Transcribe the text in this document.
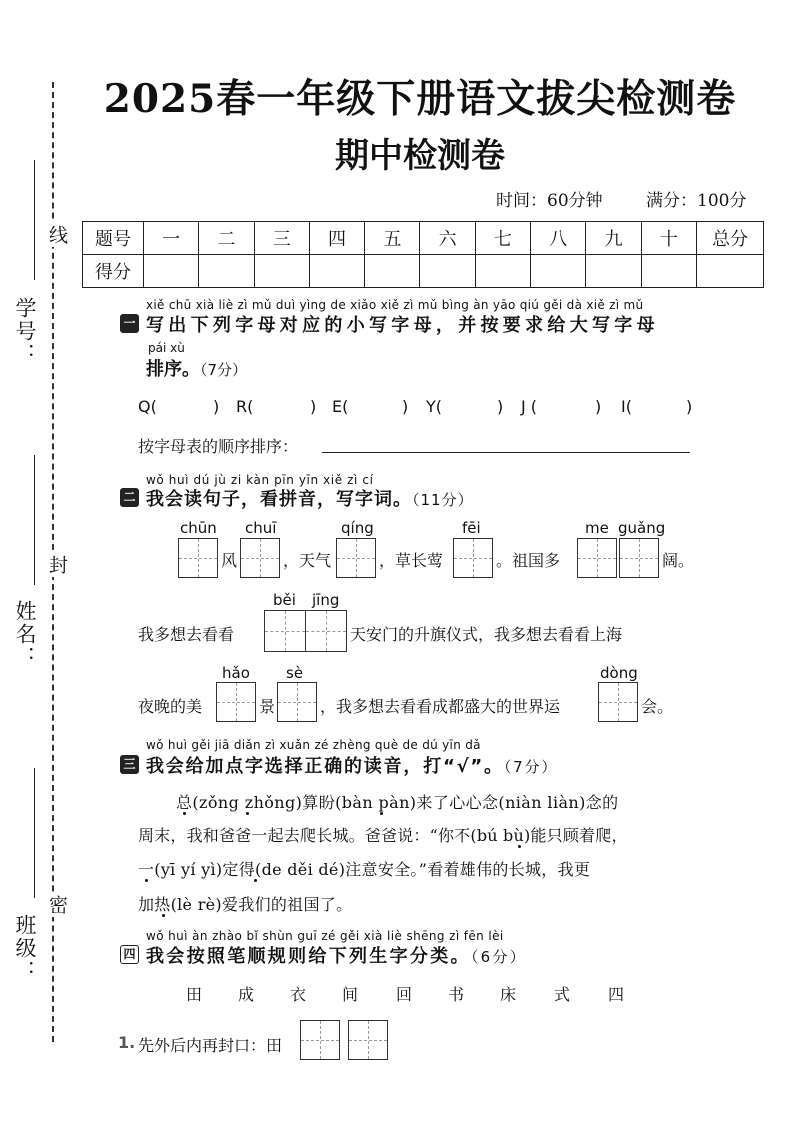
学号：
姓名：
班级：
线
封
密
2025春一年级下册语文拔尖检测卷
期中检测卷
时间：60分钟	满分：100分
题号	一	二	三	四	五	六	七	八	九	十	总分
得分											
xiě chū xià liè zì mǔ duì yìng de xiǎo xiě zì mǔ bìng àn yāo qiú gěi dà xiě zì mǔ
一 写出下列字母对应的小写字母，并按要求给大写字母
pái xù
排序。（7分）
Q(	) R(	) E(	) Y(	) J (	) I(	)
按字母表的顺序排序：
wǒ huì dú jù zi kàn pīn yīn xiě zì cí
二 我会读句子，看拼音，写字词。（11分）
chūn chuī	qíng	fēi	me guǎng
风	，天气	，草长莺	。祖国多	阔。
běi jīng
我多想去看看	天安门的升旗仪式，我多想去看看上海
hǎo sè	dòng
夜晚的美	景	，我多想去看看成都盛大的世界运	会。
wǒ huì gěi jiā diǎn zì xuǎn zé zhèng què de dú yīn dǎ
三 我会给加点字选择正确的读音，打“√”。（7分）
总(zǒng zhǒng)算盼(bàn pàn)来了心心念(niàn liàn)念的
周末，我和爸爸一起去爬长城。爸爸说：“你不(bú bù)能只顾着爬，
一(yī yí yì)定得(de děi dé)注意安全。”看着雄伟的长城，我更
加热(lè rè)爱我们的祖国了。
wǒ huì àn zhào bǐ shùn guī zé gěi xià liè shēng zì fēn lèi
四 我会按照笔顺规则给下列生字分类。（6分）
田	成	衣	间	回	书	床	式	四
1. 先外后内再封口：田
